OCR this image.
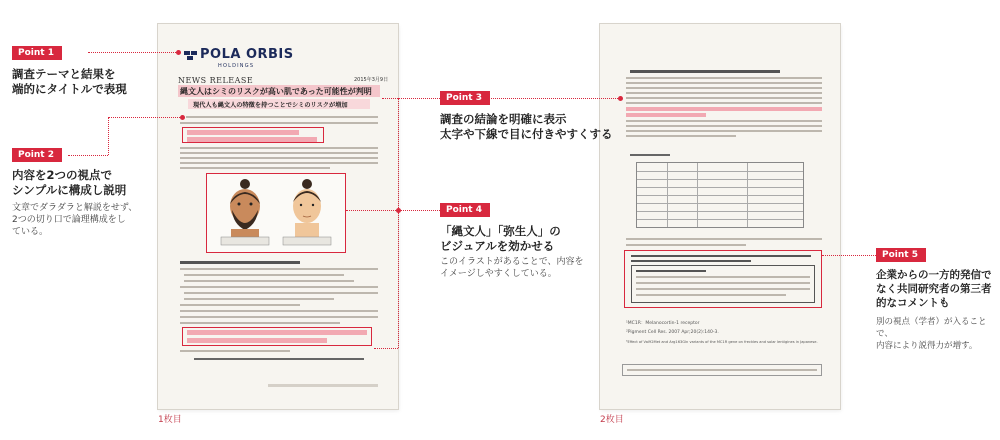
POLA ORBIS
HOLDINGS
NEWS RELEASE	2015年3月9日
縄文人はシミのリスクが高い肌であった可能性が判明
現代人も縄文人の特徴を持つことでシミのリスクが増加
1枚目
¹MC1R：Melanocortin-1 receptor
²Pigment Cell Res. 2007 Apr;20(2):140-3.
³Effect of Val92Met and Arg163Gln variants of the MC1R gene on freckles and solar lentigines in Japanese.
2枚目
Point 1
調査テーマと結果を
端的にタイトルで表現
Point 2
内容を2つの視点で
シンプルに構成し説明
文章でダラダラと解説をせず、
2つの切り口で論理構成をし
ている。
Point 3
調査の結論を明確に表示
太字や下線で目に付きやすくする
Point 4
「縄文人」「弥生人」の
ビジュアルを効かせる
このイラストがあることで、内容を
イメージしやすくしている。
Point 5
企業からの一方的発信で
なく共同研究者の第三者
的なコメントも
別の視点（学者）が入ることで、
内容により説得力が増す。
